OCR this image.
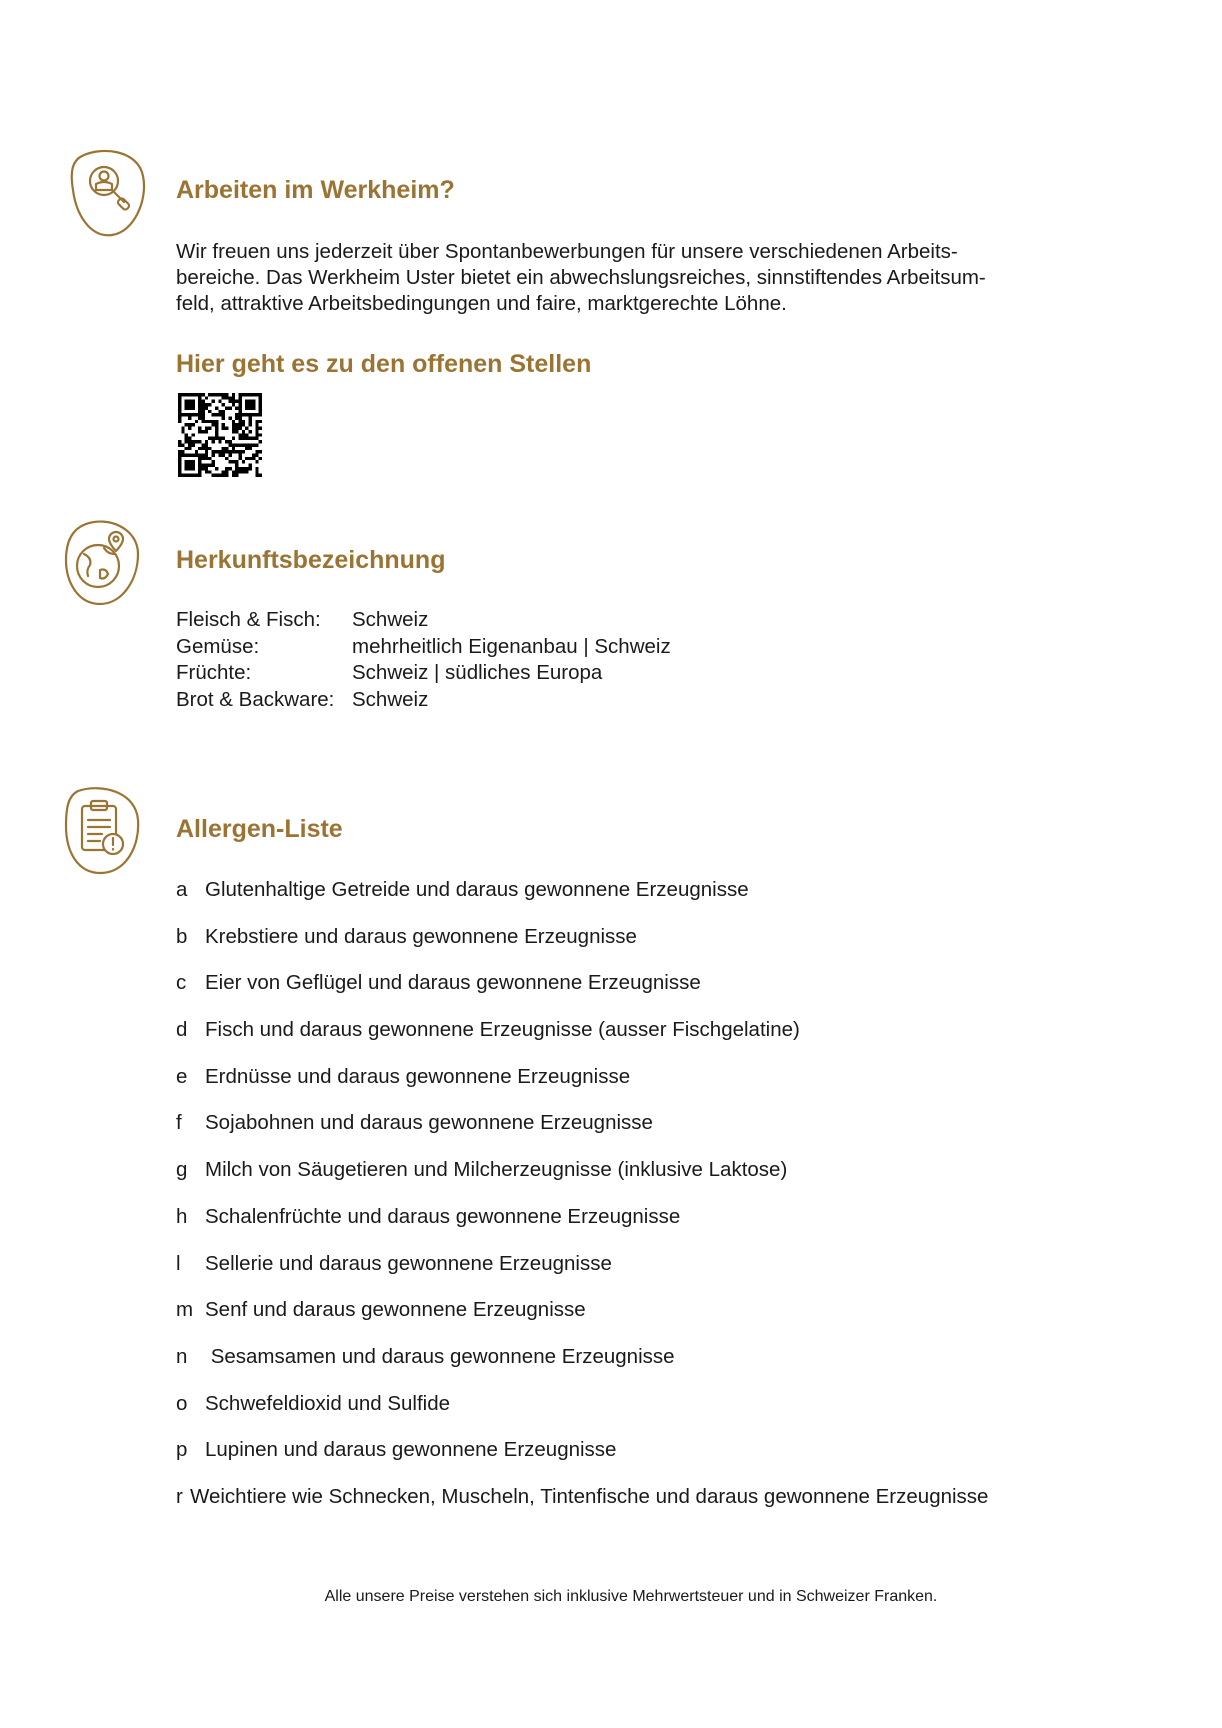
Arbeiten im Werkheim?
Wir freuen uns jederzeit über Spontanbewerbungen für unsere verschiedenen Arbeits-
bereiche. Das Werkheim Uster bietet ein abwechslungsreiches, sinnstiftendes Arbeitsum-
feld, attraktive Arbeitsbedingungen und faire, marktgerechte Löhne.
Hier geht es zu den offenen Stellen
Herkunftsbezeichnung
Fleisch & Fisch:	Schweiz
Gemüse:	mehrheitlich Eigenanbau | Schweiz
Früchte:	Schweiz | südliches Europa
Brot & Backware: Schweiz
Allergen-Liste
a Glutenhaltige Getreide und daraus gewonnene Erzeugnisse
b Krebstiere und daraus gewonnene Erzeugnisse
c Eier von Geflügel und daraus gewonnene Erzeugnisse
d Fisch und daraus gewonnene Erzeugnisse (ausser Fischgelatine)
e Erdnüsse und daraus gewonnene Erzeugnisse
f	Sojabohnen und daraus gewonnene Erzeugnisse
g Milch von Säugetieren und Milcherzeugnisse (inklusive Laktose)
h Schalenfrüchte und daraus gewonnene Erzeugnisse
l	Sellerie und daraus gewonnene Erzeugnisse
m Senf und daraus gewonnene Erzeugnisse
n Sesamsamen und daraus gewonnene Erzeugnisse
o Schwefeldioxid und Sulfide
p Lupinen und daraus gewonnene Erzeugnisse
r Weichtiere wie Schnecken, Muscheln, Tintenfische und daraus gewonnene Erzeugnisse
Alle unsere Preise verstehen sich inklusive Mehrwertsteuer und in Schweizer Franken.
